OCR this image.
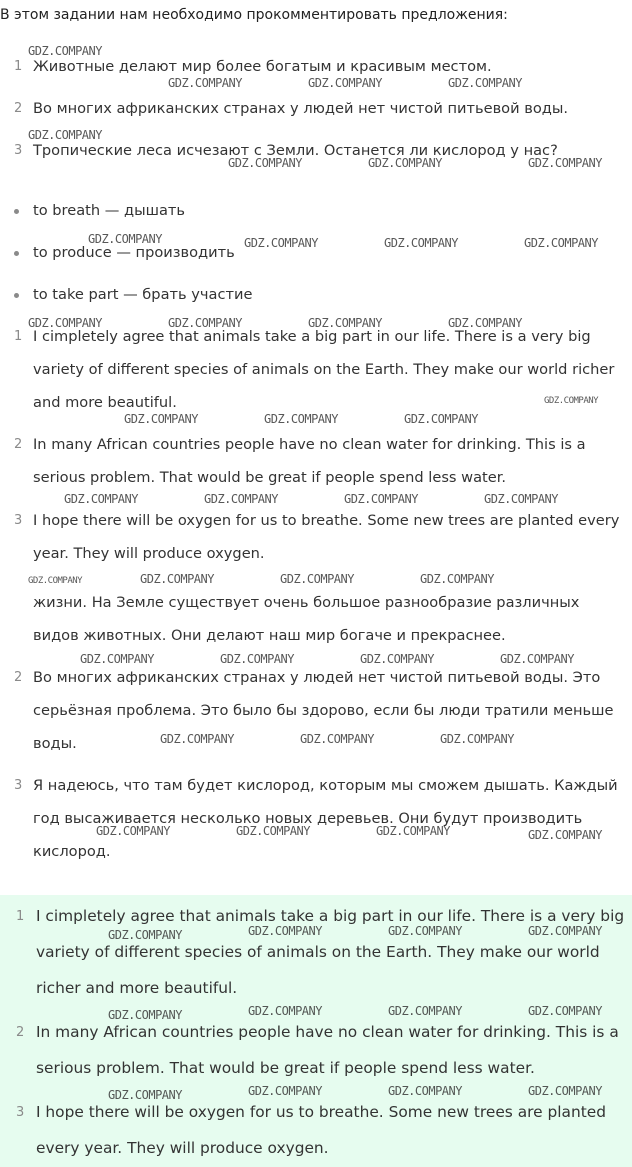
В этом задании нам необходимо прокомментировать предложения:
1 Животные делают мир более богатым и красивым местом.
2 Во многих африканских странах у людей нет чистой питьевой воды.
3 Тропические леса исчезают с Земли. Останется ли кислород у нас?
to breath — дышать
to produce — производить
to take part — брать участие
1 I cimpletely agree that animals take a big part in our life. There is a very big variety of different species of animals on the Earth. They make our world richer and more beautiful.
2 In many African countries people have no clean water for drinking. This is a serious problem. That would be great if people spend less water.
3 I hope there will be oxygen for us to breathe. Some new trees are planted every year. They will produce oxygen.
жизни. На Земле существует очень большое разнообразие различных видов животных. Они делают наш мир богаче и прекраснее.
2 Во многих африканских странах у людей нет чистой питьевой воды. Это серьёзная проблема. Это было бы здорово, если бы люди тратили меньше воды.
3 Я надеюсь, что там будет кислород, которым мы сможем дышать. Каждый год высаживается несколько новых деревьев. Они будут производить кислород.
1 I cimpletely agree that animals take a big part in our life. There is a very big variety of different species of animals on the Earth. They make our world richer and more beautiful.
2 In many African countries people have no clean water for drinking. This is a serious problem. That would be great if people spend less water.
3 I hope there will be oxygen for us to breathe. Some new trees are planted every year. They will produce oxygen.
GDZ.COMPANY
GDZ.COMPANY	GDZ.COMPANY	GDZ.COMPANY
GDZ.COMPANY
GDZ.COMPANY	GDZ.COMPANY	GDZ.COMPANY
GDZ.COMPANY	GDZ.COMPANY	GDZ.COMPANY	GDZ.COMPANY
GDZ.COMPANY	GDZ.COMPANY	GDZ.COMPANY	GDZ.COMPANY
GDZ.COMPANY	GDZ.COMPANY	GDZ.COMPANY
GDZ.COMPANY	GDZ.COMPANY	GDZ.COMPANY	GDZ.COMPANY
GDZ.COMPANY	GDZ.COMPANY	GDZ.COMPANY
GDZ.COMPANY	GDZ.COMPANY	GDZ.COMPANY	GDZ.COMPANY
GDZ.COMPANY	GDZ.COMPANY	GDZ.COMPANY
GDZ.COMPANY	GDZ.COMPANY	GDZ.COMPANY	GDZ.COMPANY
GDZ.COMPANY	GDZ.COMPANY	GDZ.COMPANY	GDZ.COMPANY
GDZ.COMPANY	GDZ.COMPANY	GDZ.COMPANY	GDZ.COMPANY
GDZ.COMPANY	GDZ.COMPANY	GDZ.COMPANY	GDZ.COMPANY
GDZ.COMPANY
GDZ.COMPANY
